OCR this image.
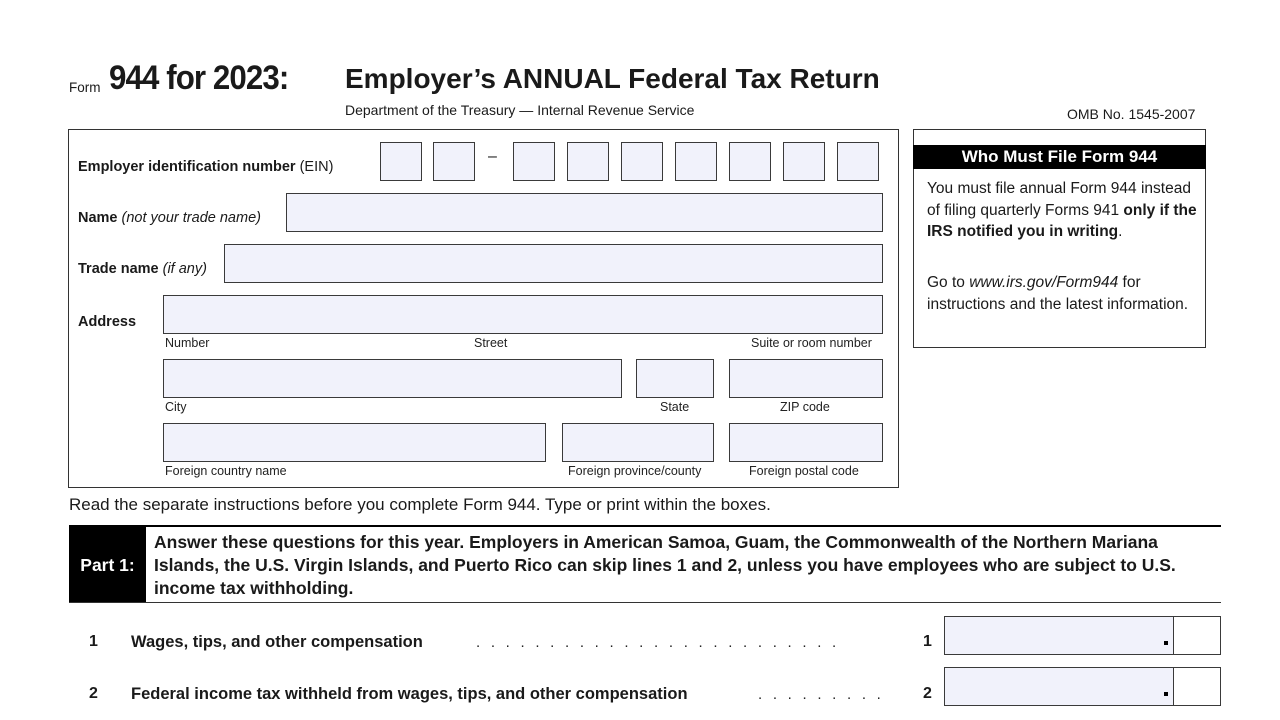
Form 944 for 2023: Employer’s ANNUAL Federal Tax Return
Department of the Treasury — Internal Revenue Service	OMB No. 1545-2007
Employer identification number (EIN)
–
Name (not your trade name)
Trade name (if any)
Address
Number	Street	Suite or room number
City	State	ZIP code
Foreign country name	Foreign province/county	Foreign postal code
Who Must File Form 944
You must file annual Form 944 instead of filing quarterly Forms 941 only if the IRS notified you in writing.
Go to www.irs.gov/Form944 for instructions and the latest information.
Read the separate instructions before you complete Form 944. Type or print within the boxes.
Part 1:
Answer these questions for this year. Employers in American Samoa, Guam, the Commonwealth of the Northern Mariana Islands, the U.S. Virgin Islands, and Puerto Rico can skip lines 1 and 2, unless you have employees who are subject to U.S. income tax withholding.
1 Wages, tips, and other compensation	. . . . . . . . . . . . . . . . . . . . . . . . .	1
2 Federal income tax withheld from wages, tips, and other compensation	. . . . . . . . .	2
